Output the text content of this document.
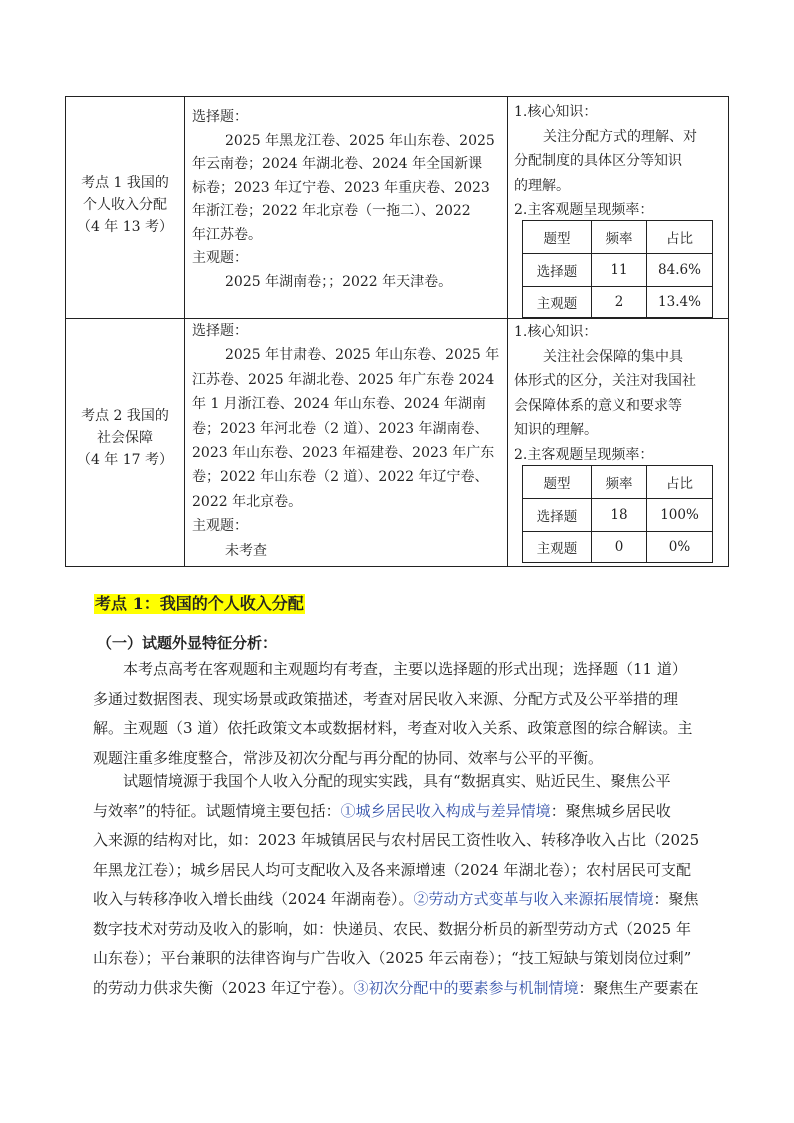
考点 1 我国的
个人收入分配
（4 年 13 考）
选择题：
2025 年黑龙江卷、2025 年山东卷、2025
年云南卷；2024 年湖北卷、2024 年全国新课
标卷；2023 年辽宁卷、2023 年重庆卷、2023
年浙江卷；2022 年北京卷（一拖二）、2022
年江苏卷。
主观题：
2025 年湖南卷；；2022 年天津卷。
1.核心知识：
关注分配方式的理解、对
分配制度的具体区分等知识
的理解。
2.主客观题呈现频率：
题型	频率	占比
选择题	11	84.6%
主观题	2	13.4%
考点 2 我国的
社会保障
（4 年 17 考）
选择题：
2025 年甘肃卷、2025 年山东卷、2025 年
江苏卷、2025 年湖北卷、2025 年广东卷 2024
年 1 月浙江卷、2024 年山东卷、2024 年湖南
卷；2023 年河北卷（2 道）、2023 年湖南卷、
2023 年山东卷、2023 年福建卷、2023 年广东
卷；2022 年山东卷（2 道）、2022 年辽宁卷、
2022 年北京卷。
主观题：
未考查
1.核心知识：
关注社会保障的集中具
体形式的区分，关注对我国社
会保障体系的意义和要求等
知识的理解。
2.主客观题呈现频率：
题型	频率	占比
选择题	18	100%
主观题	0	0%
考点 1：我国的个人收入分配
（一）试题外显特征分析：
本考点高考在客观题和主观题均有考查，主要以选择题的形式出现；选择题（11 道）
多通过数据图表、现实场景或政策描述，考查对居民收入来源、分配方式及公平举措的理
解。主观题（3 道）依托政策文本或数据材料，考查对收入关系、政策意图的综合解读。主
观题注重多维度整合，常涉及初次分配与再分配的协同、效率与公平的平衡。
试题情境源于我国个人收入分配的现实实践，具有“数据真实、贴近民生、聚焦公平
与效率”的特征。试题情境主要包括：①城乡居民收入构成与差异情境：聚焦城乡居民收
入来源的结构对比，如：2023 年城镇居民与农村居民工资性收入、转移净收入占比（2025
年黑龙江卷）；城乡居民人均可支配收入及各来源增速（2024 年湖北卷）；农村居民可支配
收入与转移净收入增长曲线（2024 年湖南卷）。②劳动方式变革与收入来源拓展情境：聚焦
数字技术对劳动及收入的影响，如：快递员、农民、数据分析员的新型劳动方式（2025 年
山东卷）；平台兼职的法律咨询与广告收入（2025 年云南卷）；“技工短缺与策划岗位过剩”
的劳动力供求失衡（2023 年辽宁卷）。③初次分配中的要素参与机制情境：聚焦生产要素在
